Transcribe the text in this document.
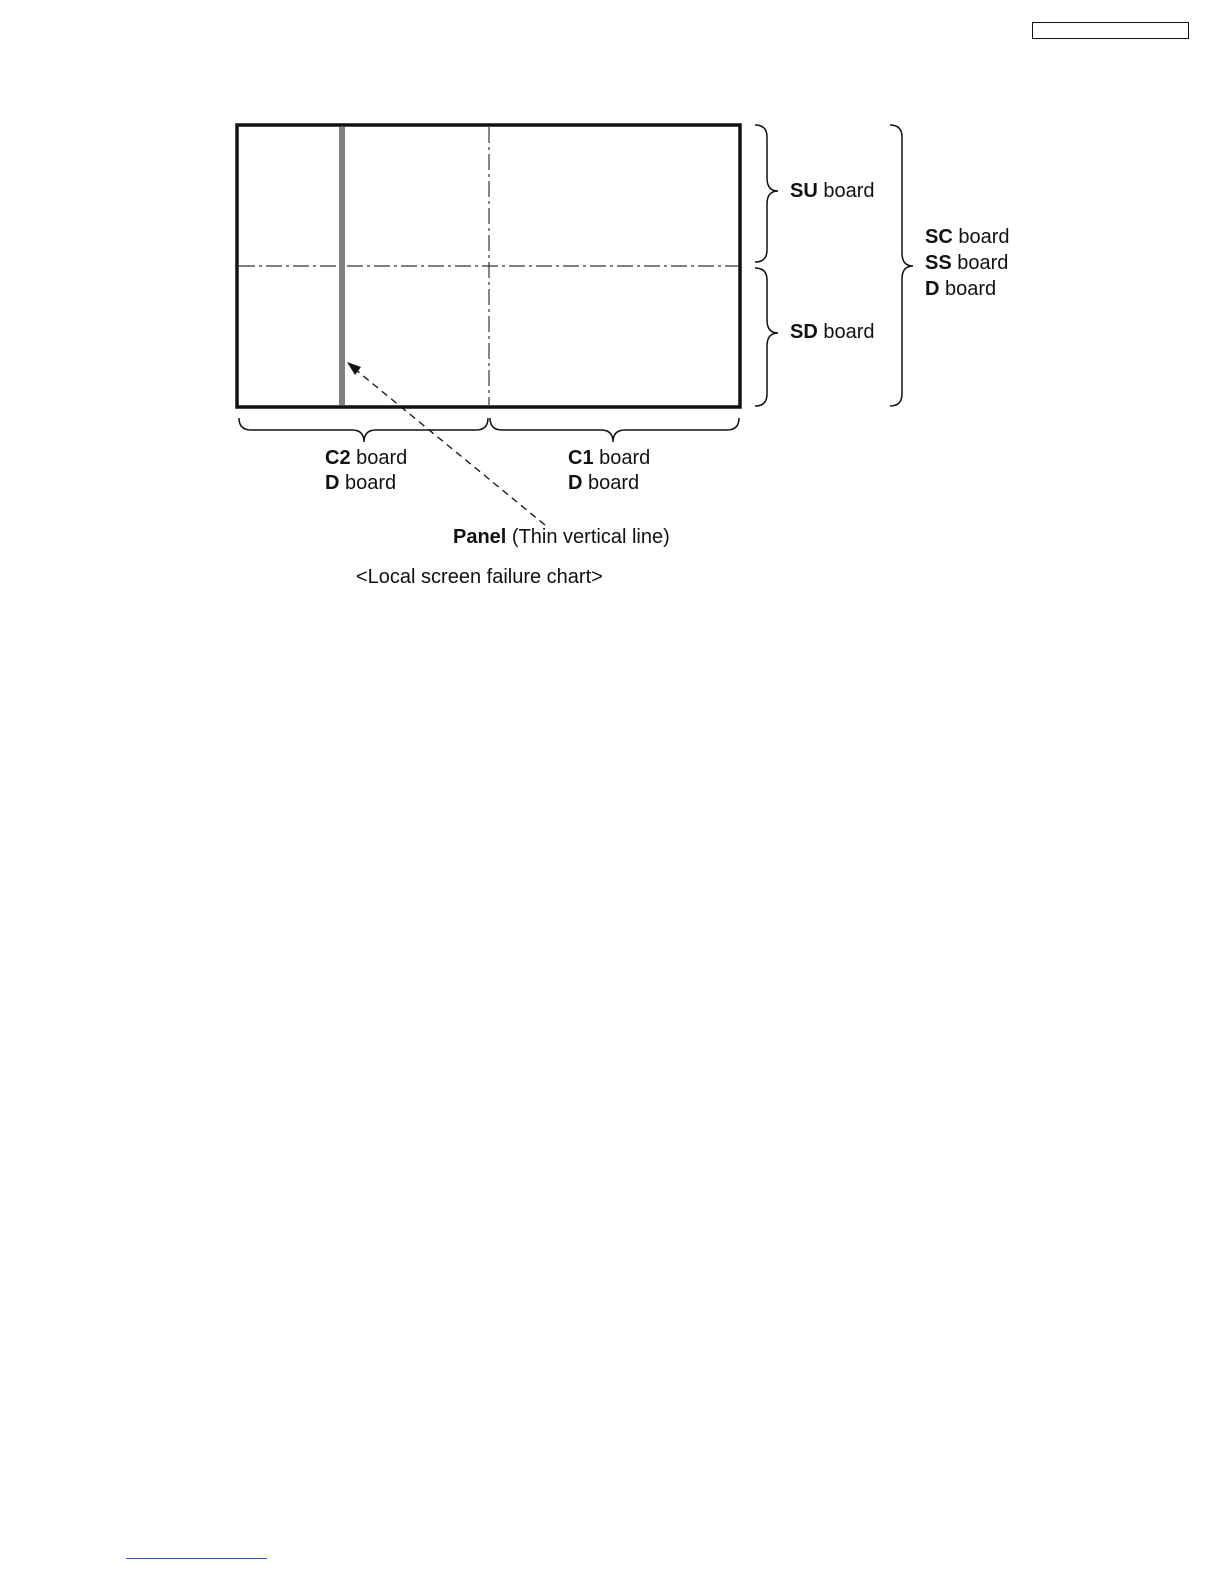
SU board
SD board
SC board
SS board
D board
C2 board
D board
C1 board
D board
Panel (Thin vertical line)
<Local screen failure chart>
